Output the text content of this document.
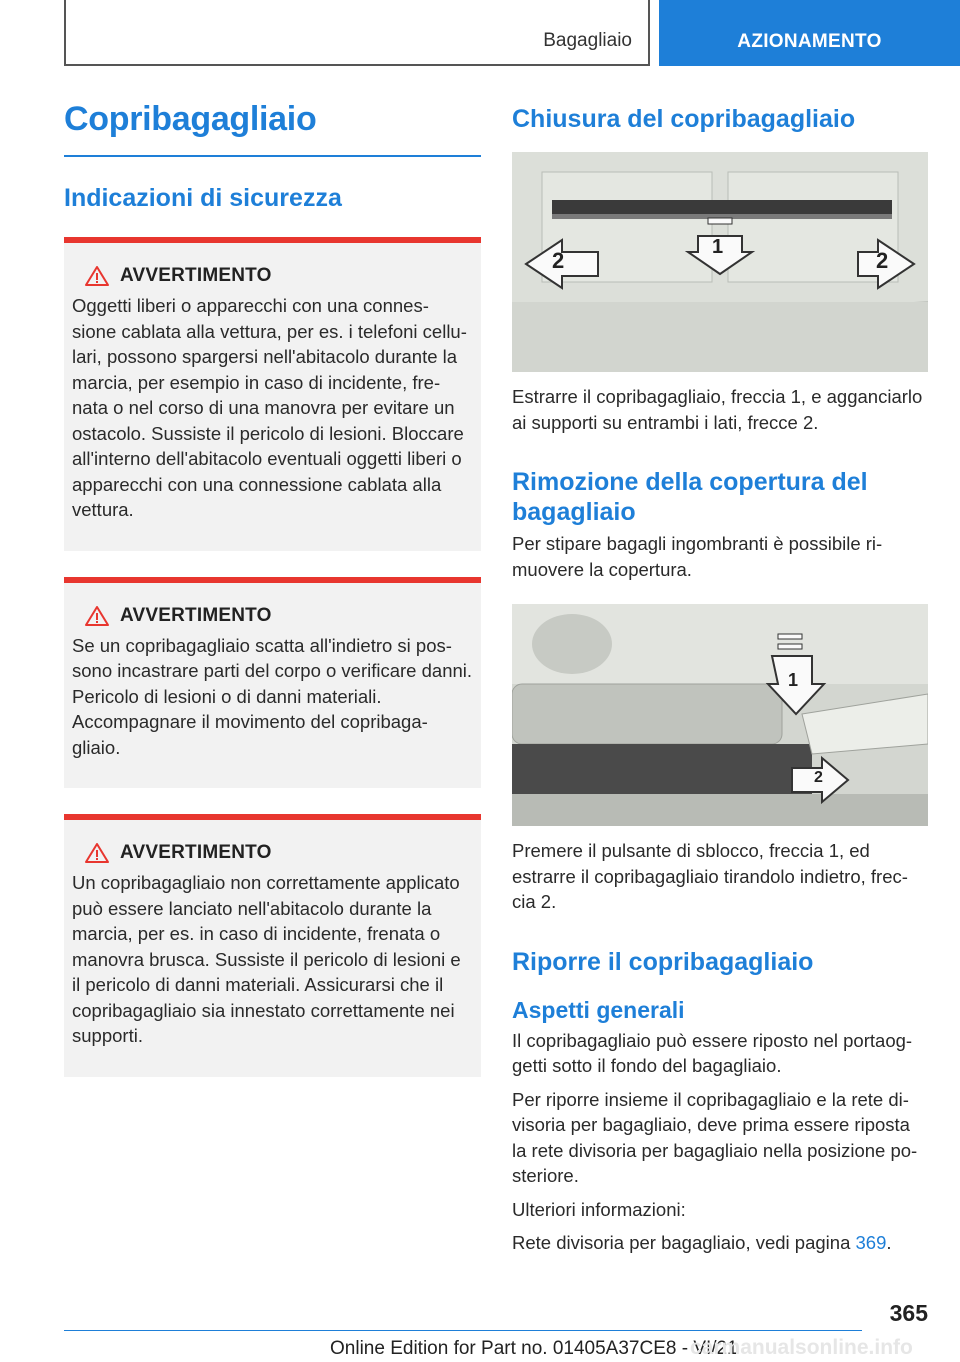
Bagagliaio	AZIONAMENTO
Copribagagliaio
Indicazioni di sicurezza
AVVERTIMENTO

Oggetti liberi o apparecchi con una connes-sione cablata alla vettura, per es. i telefoni cellu-lari, possono spargersi nell'abitacolo durante la marcia, per esempio in caso di incidente, fre-nata o nel corso di una manovra per evitare un ostacolo. Sussiste il pericolo di lesioni. Bloccare all'interno dell'abitacolo eventuali oggetti liberi o apparecchi con una connessione cablata alla vettura.

AVVERTIMENTO

Se un copribagagliaio scatta all'indietro si pos-sono incastrare parti del corpo o verificare danni. Pericolo di lesioni o di danni materiali. Accompagnare il movimento del copribaga-gliaio.

AVVERTIMENTO

Un copribagagliaio non correttamente applicato può essere lanciato nell'abitacolo durante la marcia, per es. in caso di incidente, frenata o manovra brusca. Sussiste il pericolo di lesioni e il pericolo di danni materiali. Assicurarsi che il copribagagliaio sia innestato correttamente nei supporti.

Chiusura del copribagagliaio
2
1
2

Estrarre il copribagagliaio, freccia 1, e agganciarlo ai supporti su entrambi i lati, frecce 2.

Rimozione della copertura del bagagliaio

Per stipare bagagli ingombranti è possibile ri-muovere la copertura.

1
2

Premere il pulsante di sblocco, freccia 1, ed estrarre il copribagagliaio tirandolo indietro, frec-cia 2.

Riporre il copribagagliaio
Aspetti generali

Il copribagagliaio può essere riposto nel portaog-getti sotto il fondo del bagagliaio.

Per riporre insieme il copribagagliaio e la rete di-visoria per bagagliaio, deve prima essere riposta la rete divisoria per bagagliaio nella posizione po-steriore.

Ulteriori informazioni:

Rete divisoria per bagagliaio, vedi pagina 369.

365
Online Edition for Part no. 01405A37CE8 - VI/21
carmanualsonline.info
